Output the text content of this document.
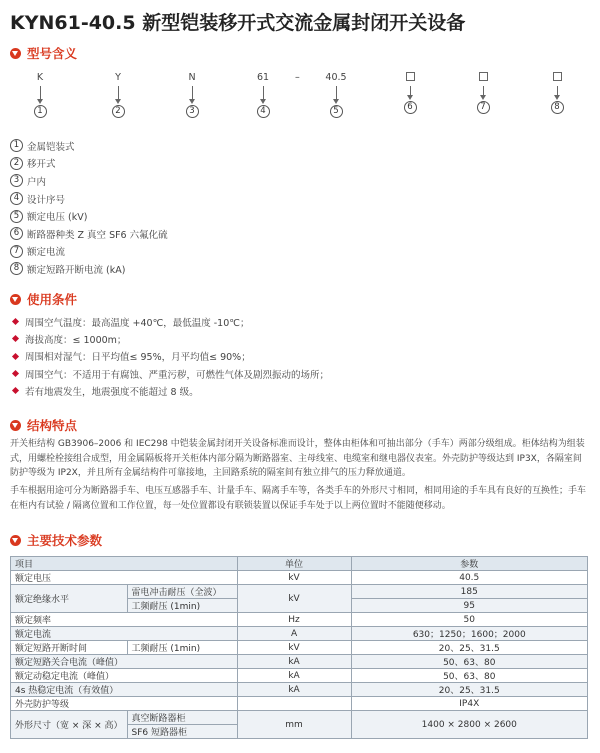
KYN61-40.5 新型铠装移开式交流金属封闭开关设备
型号含义
K
1
Y
2
N
3
61
4
–	40.5
5	6	7	8
1 金属铠装式
2 移开式
3 户内
4 设计序号
5 额定电压 (kV)
6 断路器种类 Z 真空 SF6 六氟化硫
7 额定电流
8 额定短路开断电流 (kA)
使用条件
周围空气温度：最高温度 +40℃，最低温度 -10℃；
海拔高度：≤ 1000m；
周围相对湿气：日平均值≤ 95%，月平均值≤ 90%；
周围空气：不适用于有腐蚀、严重污秽，可燃性气体及剧烈振动的场所；
若有地震发生，地震强度不能超过 8 级。
结构特点
开关柜结构 GB3906–2006 和 IEC298 中铠装金属封闭开关设备标准而设计，整体由柜体和可抽出部分（手车）两部分级组成。柜体结构为组装式，用螺栓栓接组合成型，用金属隔板将开关柜体内部分隔为断路器室、主母线室、电缆室和继电器仪表室。外壳防护等级达到 IP3X，各隔室间防护等级为 IP2X，并且所有金属结构件可靠接地，主回路系统的隔室间有独立排气的压力释放通道。
手车根据用途可分为断路器手车、电压互感器手车、计量手车、隔离手车等，各类手车的外形尺寸相同，相同用途的手车具有良好的互换性；手车在柜内有试验 / 隔离位置和工作位置，每一处位置都设有联锁装置以保证手车处于以上两位置时不能随便移动。
主要技术参数
项目		单位	参数
额定电压		kV	40.5
额定绝缘水平	雷电冲击耐压（全波）	kV	185
	工频耐压 (1min)		95
额定频率		Hz	50
额定电流		A	630；1250；1600；2000
额定短路开断时间	工频耐压 (1min)	kV	20、25、31.5
额定短路关合电流（峰值）		kA	50、63、80
额定动稳定电流（峰值）		kA	50、63、80
4s 热稳定电流（有效值）		kA	20、25、31.5
外壳防护等级			IP4X
外形尺寸（宽 × 深 × 高）	真空断路器柜	mm	1400 × 2800 × 2600
	SF6 短路器柜		
